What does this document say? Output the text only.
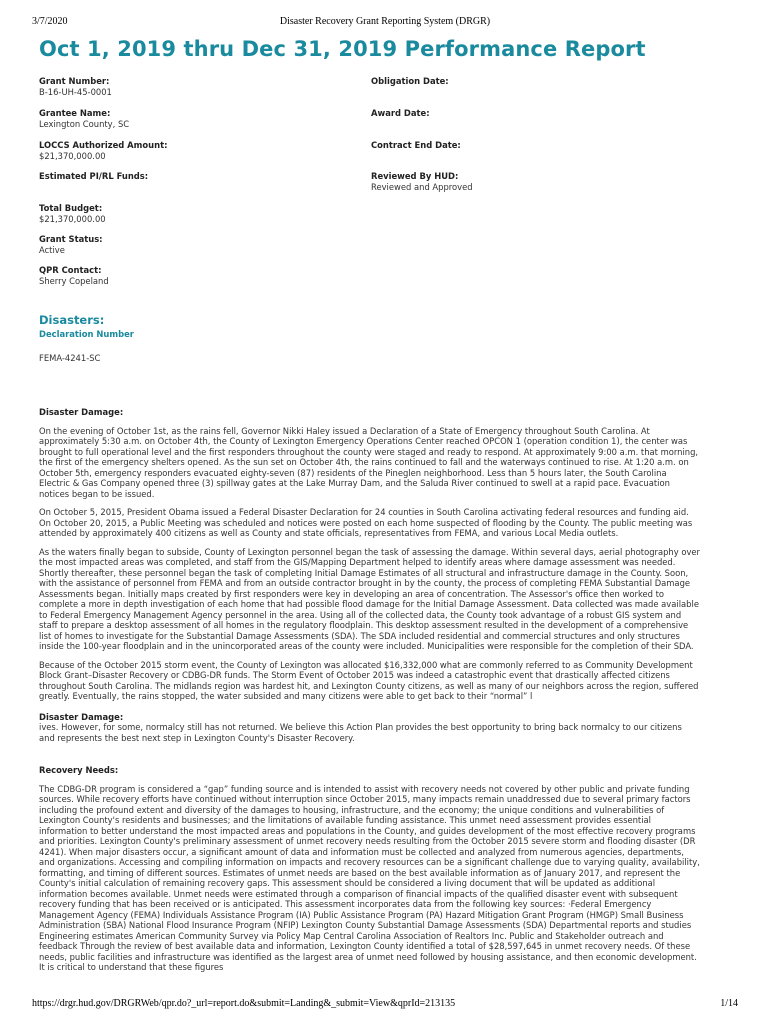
3/7/2020	Disaster Recovery Grant Reporting System (DRGR)
Oct 1, 2019 thru Dec 31, 2019 Performance Report
Grant Number:
B-16-UH-45-0001
Obligation Date:
Grantee Name:
Lexington County, SC
Award Date:
LOCCS Authorized Amount:
$21,370,000.00
Contract End Date:
Estimated PI/RL Funds:	Reviewed By HUD:
Reviewed and Approved
Total Budget:
$21,370,000.00
Grant Status:
Active
QPR Contact:
Sherry Copeland
Disasters:
Declaration Number
FEMA-4241-SC
Disaster Damage:

On the evening of October 1st, as the rains fell, Governor Nikki Haley issued a Declaration of a State of Emergency throughout South Carolina. At approximately 5:30 a.m. on October 4th, the County of Lexington Emergency Operations Center reached OPCON 1 (operation condition 1), the center was brought to full operational level and the first responders throughout the county were staged and ready to respond. At approximately 9:00 a.m. that morning, the first of the emergency shelters opened. As the sun set on October 4th, the rains continued to fall and the waterways continued to rise. At 1:20 a.m. on October 5th, emergency responders evacuated eighty-seven (87) residents of the Pineglen neighborhood. Less than 5 hours later, the South Carolina Electric & Gas Company opened three (3) spillway gates at the Lake Murray Dam, and the Saluda River continued to swell at a rapid pace. Evacuation notices began to be issued.

On October 5, 2015, President Obama issued a Federal Disaster Declaration for 24 counties in South Carolina activating federal resources and funding aid. On October 20, 2015, a Public Meeting was scheduled and notices were posted on each home suspected of flooding by the County. The public meeting was attended by approximately 400 citizens as well as County and state officials, representatives from FEMA, and various Local Media outlets.

As the waters finally began to subside, County of Lexington personnel began the task of assessing the damage. Within several days, aerial photography over the most impacted areas was completed, and staff from the GIS/Mapping Department helped to identify areas where damage assessment was needed. Shortly thereafter, these personnel began the task of completing Initial Damage Estimates of all structural and infrastructure damage in the County. Soon, with the assistance of personnel from FEMA and from an outside contractor brought in by the county, the process of completing FEMA Substantial Damage Assessments began. Initially maps created by first responders were key in developing an area of concentration. The Assessor's office then worked to complete a more in depth investigation of each home that had possible flood damage for the Initial Damage Assessment. Data collected was made available to Federal Emergency Management Agency personnel in the area. Using all of the collected data, the County took advantage of a robust GIS system and staff to prepare a desktop assessment of all homes in the regulatory floodplain. This desktop assessment resulted in the development of a comprehensive list of homes to investigate for the Substantial Damage Assessments (SDA). The SDA included residential and commercial structures and only structures inside the 100-year floodplain and in the unincorporated areas of the county were included. Municipalities were responsible for the completion of their SDA.

Because of the October 2015 storm event, the County of Lexington was allocated $16,332,000 what are commonly referred to as Community Development Block Grant–Disaster Recovery or CDBG-DR funds. The Storm Event of October 2015 was indeed a catastrophic event that drastically affected citizens throughout South Carolina. The midlands region was hardest hit, and Lexington County citizens, as well as many of our neighbors across the region, suffered greatly. Eventually, the rains stopped, the water subsided and many citizens were able to get back to their “normal” l

Disaster Damage:

ives. However, for some, normalcy still has not returned. We believe this Action Plan provides the best opportunity to bring back normalcy to our citizens and represents the best next step in Lexington County's Disaster Recovery.

Recovery Needs:

The CDBG-DR program is considered a “gap” funding source and is intended to assist with recovery needs not covered by other public and private funding sources. While recovery efforts have continued without interruption since October 2015, many impacts remain unaddressed due to several primary factors including the profound extent and diversity of the damages to housing, infrastructure, and the economy; the unique conditions and vulnerabilities of Lexington County's residents and businesses; and the limitations of available funding assistance. This unmet need assessment provides essential information to better understand the most impacted areas and populations in the County, and guides development of the most effective recovery programs and priorities. Lexington County's preliminary assessment of unmet recovery needs resulting from the October 2015 severe storm and flooding disaster (DR 4241). When major disasters occur, a significant amount of data and information must be collected and analyzed from numerous agencies, departments, and organizations. Accessing and compiling information on impacts and recovery resources can be a significant challenge due to varying quality, availability, formatting, and timing of different sources. Estimates of unmet needs are based on the best available information as of January 2017, and represent the County's initial calculation of remaining recovery gaps. This assessment should be considered a living document that will be updated as additional information becomes available. Unmet needs were estimated through a comparison of financial impacts of the qualified disaster event with subsequent recovery funding that has been received or is anticipated. This assessment incorporates data from the following key sources: ·Federal Emergency Management Agency (FEMA) Individuals Assistance Program (IA) Public Assistance Program (PA) Hazard Mitigation Grant Program (HMGP) Small Business Administration (SBA) National Flood Insurance Program (NFIP) Lexington County Substantial Damage Assessments (SDA) Departmental reports and studies Engineering estimates American Community Survey via Policy Map Central Carolina Association of Realtors Inc. Public and Stakeholder outreach and feedback Through the review of best available data and information, Lexington County identified a total of $28,597,645 in unmet recovery needs. Of these needs, public facilities and infrastructure was identified as the largest area of unmet need followed by housing assistance, and then economic development. It is critical to understand that these figures

https://drgr.hud.gov/DRGRWeb/qpr.do?_url=report.do&submit=Landing&_submit=View&qprId=213135	1/14
